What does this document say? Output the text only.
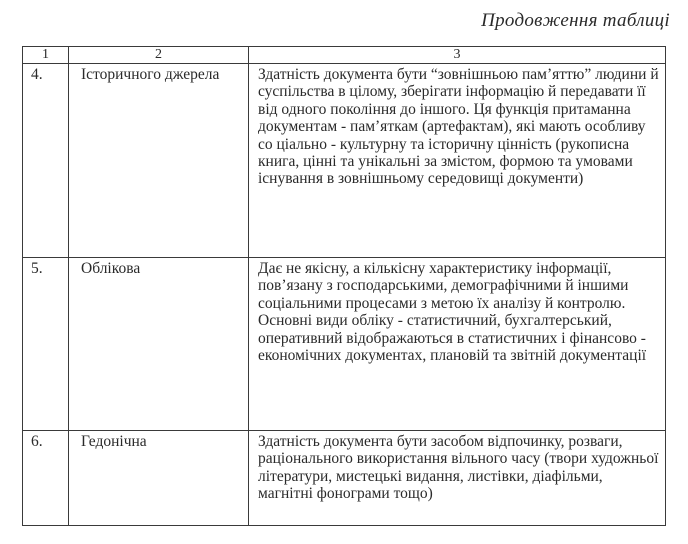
Продовження таблиці
1	2	3
4.	Історичного джерела	Здатність документа бути “зовнішньою пам’яттю” людини й суспільства в цілому, зберігати інформацію й передавати її від одного покоління до іншого. Ця функція притаманна документам - пам’яткам (артефактам), які мають особливу со ціально - культурну та історичну цінність (рукописна книга, цінні та унікальні за змістом, формою та умовами існування в зовнішньому середовищі документи)
5.	Облікова	Дає не якісну, а кількісну характеристику інформації, пов’язану з господарськими, демографічними й іншими соціальними процесами з метою їх аналізу й контролю. Основні види обліку - статистичний, бухгалтерський, оперативний відображаються в статистичних і фінансово - економічних документах, плановій та звітній документації
6.	Гедонічна	Здатність документа бути засобом відпочинку, розваги, раціонального використання вільного часу (твори художньої літератури, мистецькі видання, листівки, діафільми, магнітні фонограми тощо)
